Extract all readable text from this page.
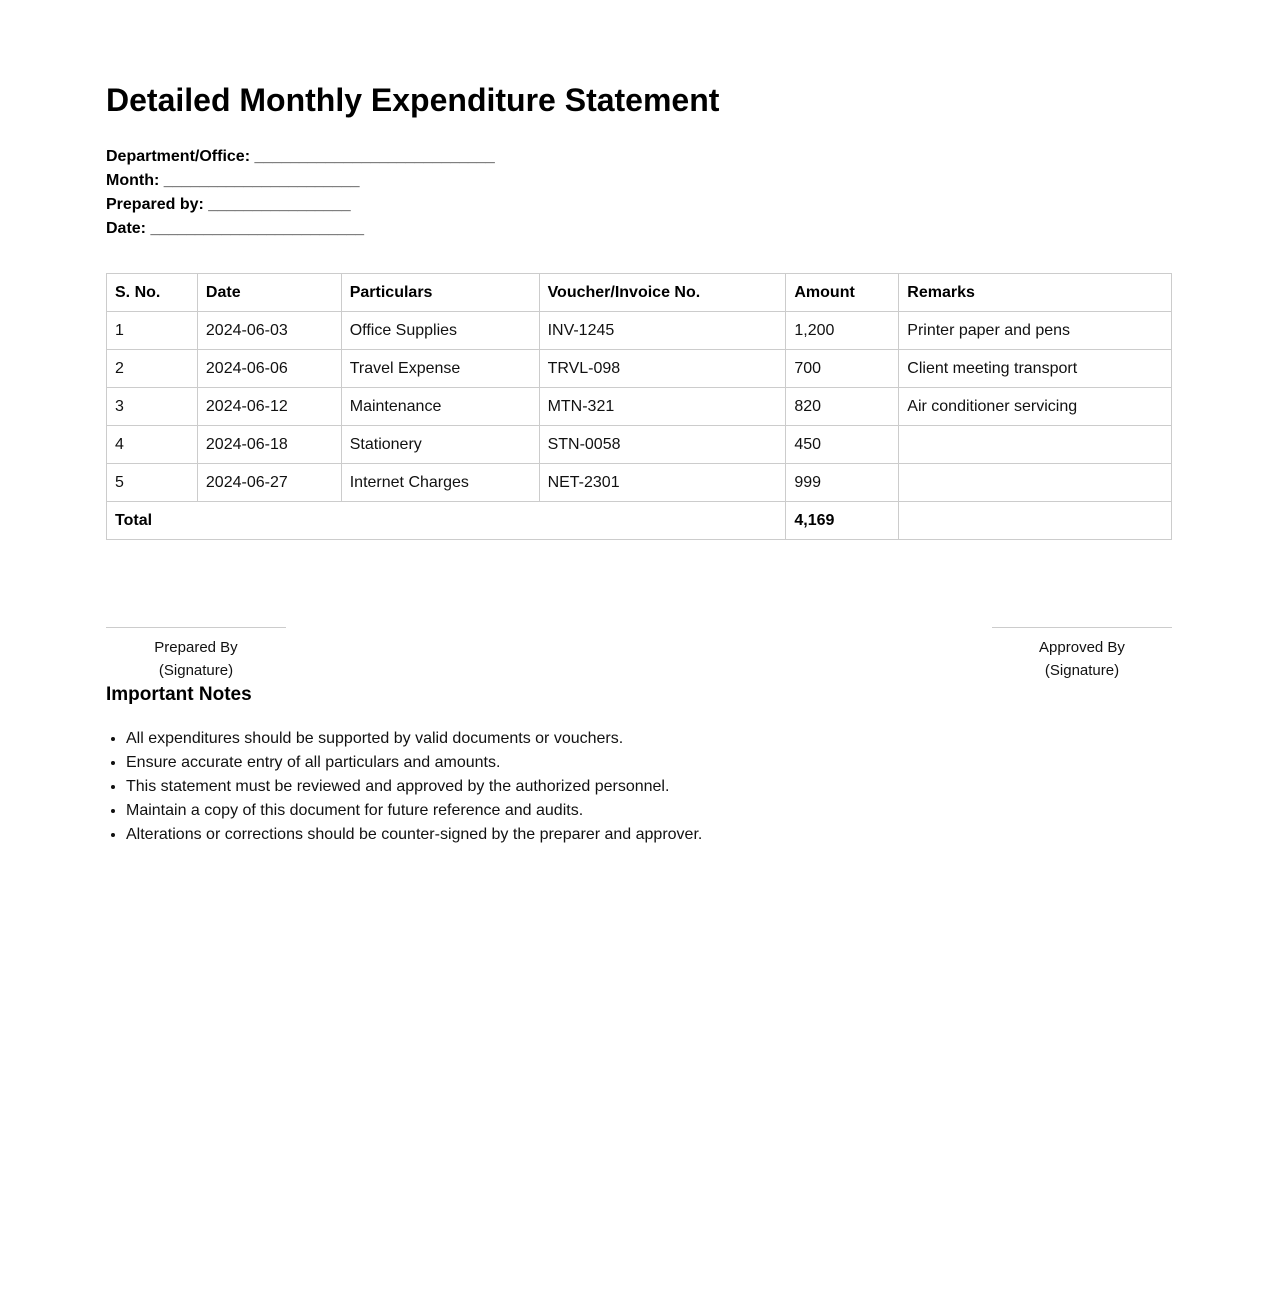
Detailed Monthly Expenditure Statement
Department/Office: ___________________________
Month: ______________________
Prepared by: ________________
Date: ________________________
S. No.	Date	Particulars	Voucher/Invoice No.	Amount	Remarks
1	2024-06-03	Office Supplies	INV-1245	1,200	Printer paper and pens
2	2024-06-06	Travel Expense	TRVL-098	700	Client meeting transport
3	2024-06-12	Maintenance	MTN-321	820	Air conditioner servicing
4	2024-06-18	Stationery	STN-0058	450	
5	2024-06-27	Internet Charges	NET-2301	999	
Total				4,169	
Prepared By
(Signature)
Approved By
(Signature)
Important Notes
• All expenditures should be supported by valid documents or vouchers.
• Ensure accurate entry of all particulars and amounts.
• This statement must be reviewed and approved by the authorized personnel.
• Maintain a copy of this document for future reference and audits.
• Alterations or corrections should be counter-signed by the preparer and approver.
